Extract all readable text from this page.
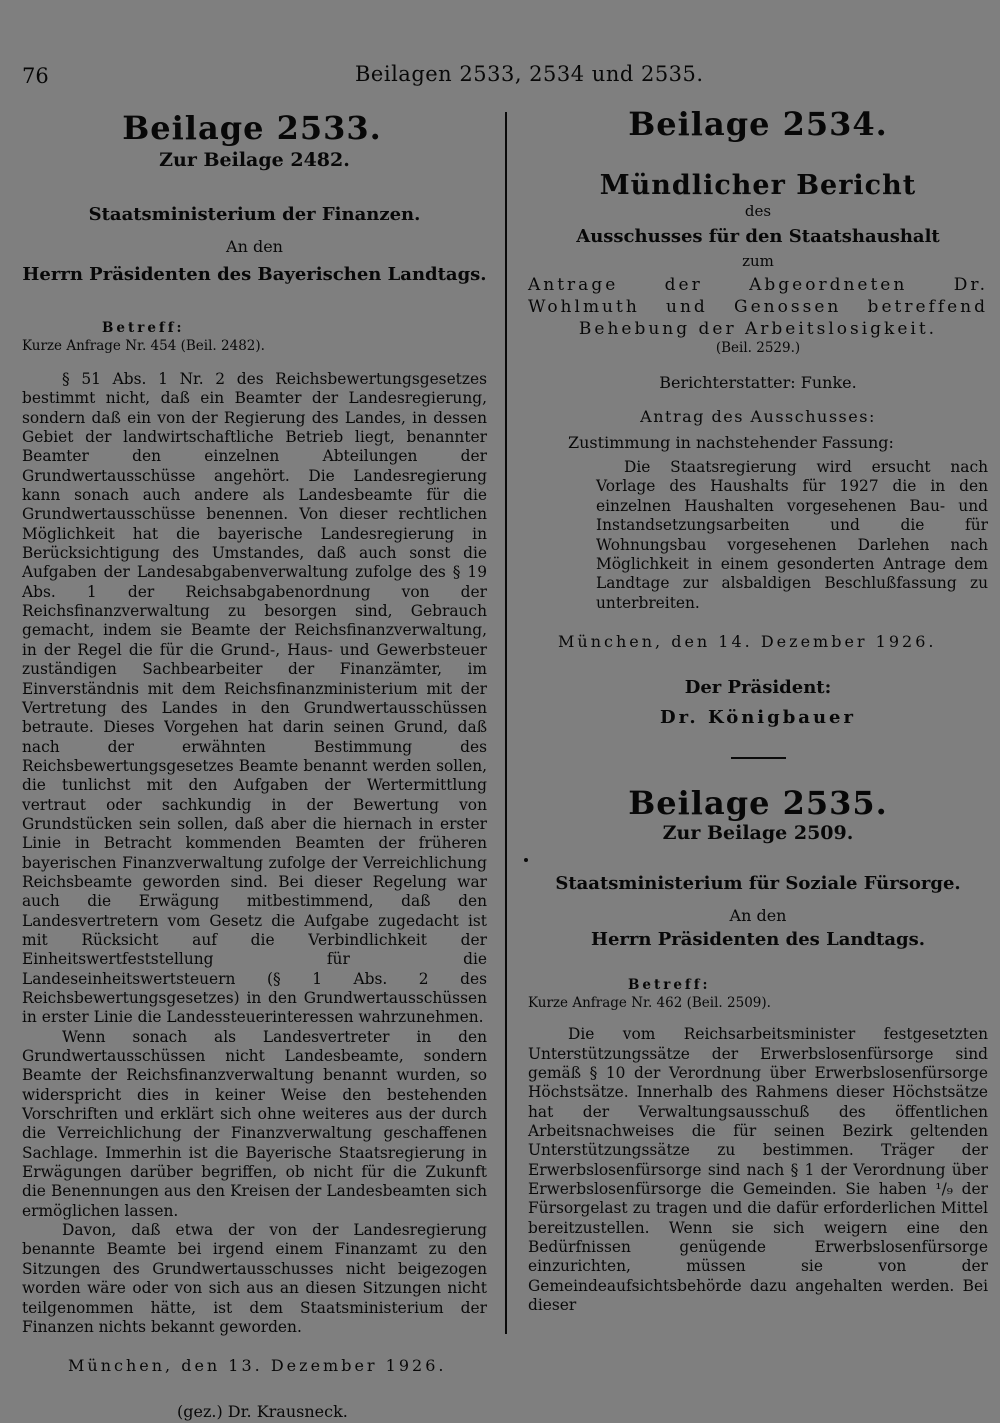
76	Beilagen 2533, 2534 und 2535.
Beilage 2533.
Zur Beilage 2482.
Staatsministerium der Finanzen.
An den
Herrn Präsidenten des Bayerischen Landtags.
Betreff:
Kurze Anfrage Nr. 454 (Beil. 2482).

§ 51 Abs. 1 Nr. 2 des Reichsbewertungsgesetzes bestimmt nicht, daß ein Beamter der Landesregierung, sondern daß ein von der Regierung des Landes, in dessen Gebiet der landwirtschaftliche Betrieb liegt, benannter Beamter den einzelnen Abteilungen der Grundwertausschüsse angehört. Die Landesregierung kann sonach auch andere als Landesbeamte für die Grundwertausschüsse benennen. Von dieser rechtlichen Möglichkeit hat die bayerische Landesregierung in Berücksichtigung des Umstandes, daß auch sonst die Aufgaben der Landesabgabenverwaltung zufolge des § 19 Abs. 1 der Reichsabgabenordnung von der Reichsfinanzverwaltung zu besorgen sind, Gebrauch gemacht, indem sie Beamte der Reichsfinanzverwaltung, in der Regel die für die Grund-, Haus- und Gewerbsteuer zuständigen Sachbearbeiter der Finanzämter, im Einverständnis mit dem Reichsfinanzministerium mit der Vertretung des Landes in den Grundwertausschüssen betraute. Dieses Vorgehen hat darin seinen Grund, daß nach der erwähnten Bestimmung des Reichsbewertungsgesetzes Beamte benannt werden sollen, die tunlichst mit den Aufgaben der Wertermittlung vertraut oder sachkundig in der Bewertung von Grundstücken sein sollen, daß aber die hiernach in erster Linie in Betracht kommenden Beamten der früheren bayerischen Finanzverwaltung zufolge der Verreichlichung Reichsbeamte geworden sind. Bei dieser Regelung war auch die Erwägung mitbestimmend, daß den Landesvertretern vom Gesetz die Aufgabe zugedacht ist mit Rücksicht auf die Verbindlichkeit der Einheitswertfeststellung für die Landeseinheitswertsteuern (§ 1 Abs. 2 des Reichsbewertungsgesetzes) in den Grundwertausschüssen in erster Linie die Landessteuerinteressen wahrzunehmen.

Wenn sonach als Landesvertreter in den Grundwertausschüssen nicht Landesbeamte, sondern Beamte der Reichsfinanzverwaltung benannt wurden, so widerspricht dies in keiner Weise den bestehenden Vorschriften und erklärt sich ohne weiteres aus der durch die Verreichlichung der Finanzverwaltung geschaffenen Sachlage. Immerhin ist die Bayerische Staatsregierung in Erwägungen darüber begriffen, ob nicht für die Zukunft die Benennungen aus den Kreisen der Landesbeamten sich ermöglichen lassen.

Davon, daß etwa der von der Landesregierung benannte Beamte bei irgend einem Finanzamt zu den Sitzungen des Grundwertausschusses nicht beigezogen worden wäre oder von sich aus an diesen Sitzungen nicht teilgenommen hätte, ist dem Staatsministerium der Finanzen nichts bekannt geworden.

München, den 13. Dezember 1926.
(gez.) Dr. Krausneck.
Beilage 2534.
Mündlicher Bericht
des
Ausschusses für den Staatshaushalt
zum
Antrage der Abgeordneten Dr. Wohlmuth und Genossen betreffend Behebung der Arbeitslosigkeit.
(Beil. 2529.)
Berichterstatter: Funke.
Antrag des Ausschusses:
Zustimmung in nachstehender Fassung:

Die Staatsregierung wird ersucht nach Vorlage des Haushalts für 1927 die in den einzelnen Haushalten vorgesehenen Bau- und Instandsetzungsarbeiten und die für Wohnungsbau vorgesehenen Darlehen nach Möglichkeit in einem gesonderten Antrage dem Landtage zur alsbaldigen Beschlußfassung zu unterbreiten.

München, den 14. Dezember 1926.
Der Präsident:
Dr. Königbauer
Beilage 2535.
Zur Beilage 2509.
Staatsministerium für Soziale Fürsorge.
An den
Herrn Präsidenten des Landtags.
Betreff:
Kurze Anfrage Nr. 462 (Beil. 2509).

Die vom Reichsarbeitsminister festgesetzten Unterstützungssätze der Erwerbslosenfürsorge sind gemäß § 10 der Verordnung über Erwerbslosenfürsorge Höchstsätze. Innerhalb des Rahmens dieser Höchstsätze hat der Verwaltungsausschuß des öffentlichen Arbeitsnachweises die für seinen Bezirk geltenden Unterstützungssätze zu bestimmen. Träger der Erwerbslosenfürsorge sind nach § 1 der Verordnung über Erwerbslosenfürsorge die Gemeinden. Sie haben ¹/₉ der Fürsorgelast zu tragen und die dafür erforderlichen Mittel bereitzustellen. Wenn sie sich weigern eine den Bedürfnissen genügende Erwerbslosenfürsorge einzurichten, müssen sie von der Gemeindeaufsichtsbehörde dazu angehalten werden. Bei dieser
